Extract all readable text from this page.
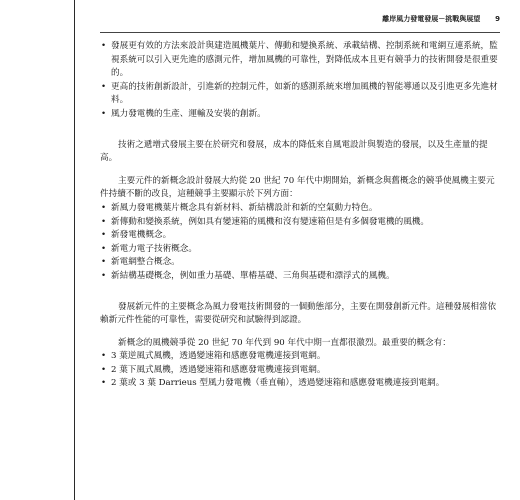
離岸風力發電發展－挑戰與展望 9
• 發展更有效的方法來設計與建造風機葉片、傳動和變換系統、承載結構、控制系統和電網互連系統，監視系統可以引入更先進的感測元件，增加風機的可靠性，對降低成本且更有競爭力的技術開發是很重要的。
• 更高的技術創新設計，引進新的控制元件，如新的感測系統來增加風機的智能導通以及引進更多先進材料。
• 風力發電機的生產、運輸及安裝的創新。
技術之遞增式發展主要在於研究和發展，成本的降低來自風電設計與製造的發展，以及生產量的提高。
主要元件的新概念設計發展大約從 20 世紀 70 年代中期開始，新概念與舊概念的競爭使風機主要元件持續不斷的改良，這種競爭主要顯示於下列方面：
• 新風力發電機葉片概念具有新材料、新結構設計和新的空氣動力特色。
• 新傳動和變換系統，例如具有變速箱的風機和沒有變速箱但是有多個發電機的風機。
• 新發電機概念。
• 新電力電子技術概念。
• 新電網整合概念。
• 新結構基礎概念，例如重力基礎、單樁基礎、三角與基礎和漂浮式的風機。
發展新元件的主要概念為風力發電技術開發的一個動態部分，主要在開發創新元件。這種發展相當依賴新元件性能的可靠性，需要從研究和試驗得到認證。
新概念的風機競爭從 20 世紀 70 年代到 90 年代中期一直都很激烈。最重要的概念有：
• 3 葉逆風式風機，透過變速箱和感應發電機連接到電網。
• 2 葉下風式風機，透過變速箱和感應發電機連接到電網。
• 2 葉或 3 葉 Darrieus 型風力發電機（垂直軸），透過變速箱和感應發電機連接到電網。
